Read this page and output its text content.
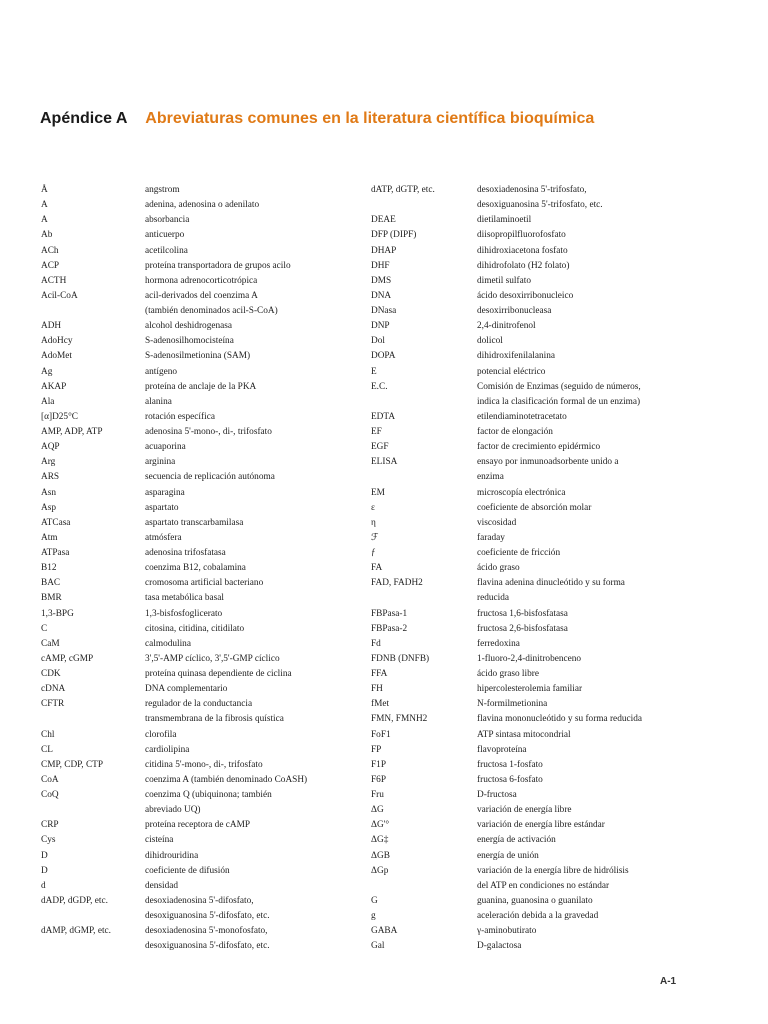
Apéndice A Abreviaturas comunes en la literatura científica bioquímica
Å	angstrom
A	adenina, adenosina o adenilato
A	absorbancia
Ab	anticuerpo
ACh	acetilcolina
ACP	proteína transportadora de grupos acilo
ACTH	hormona adrenocorticotrópica
Acil-CoA	acil-derivados del coenzima A
(también denominados acil-S-CoA)
ADH	alcohol deshidrogenasa
AdoHcy	S-adenosilhomocisteína
AdoMet	S-adenosilmetionina (SAM)
Ag	antígeno
AKAP	proteína de anclaje de la PKA
Ala	alanina
[α]D25°C	rotación específica
AMP, ADP, ATP	adenosina 5'-mono-, di-, trifosfato
AQP	acuaporina
Arg	arginina
ARS	secuencia de replicación autónoma
Asn	asparagina
Asp	aspartato
ATCasa	aspartato transcarbamilasa
Atm	atmósfera
ATPasa	adenosina trifosfatasa
B12	coenzima B12, cobalamina
BAC	cromosoma artificial bacteriano
BMR	tasa metabólica basal
1,3-BPG	1,3-bisfosfoglicerato
C	citosina, citidina, citidilato
CaM	calmodulina
cAMP, cGMP	3',5'-AMP cíclico, 3',5'-GMP cíclico
CDK	proteína quinasa dependiente de ciclina
cDNA	DNA complementario
CFTR	regulador de la conductancia
transmembrana de la fibrosis quística
Chl	clorofila
CL	cardiolipina
CMP, CDP, CTP	citidina 5'-mono-, di-, trifosfato
CoA	coenzima A (también denominado CoASH)
CoQ	coenzima Q (ubiquinona; también
abreviado UQ)
CRP	proteína receptora de cAMP
Cys	cisteína
D	dihidrouridina
D	coeficiente de difusión
d	densidad
dADP, dGDP, etc.	desoxiadenosina 5'-difosfato,
desoxiguanosina 5'-difosfato, etc.
dAMP, dGMP, etc.	desoxiadenosina 5'-monofosfato,
desoxiguanosina 5'-difosfato, etc.
dATP, dGTP, etc.	desoxiadenosina 5'-trifosfato,
desoxiguanosina 5'-trifosfato, etc.
DEAE	dietilaminoetil
DFP (DIPF)	diisopropilfluorofosfato
DHAP	dihidroxiacetona fosfato
DHF	dihidrofolato (H2 folato)
DMS	dimetil sulfato
DNA	ácido desoxirribonucleico
DNasa	desoxirribonucleasa
DNP	2,4-dinitrofenol
Dol	dolicol
DOPA	dihidroxifenilalanina
E	potencial eléctrico
E.C.	Comisión de Enzimas (seguido de números,
indica la clasificación formal de un enzima)
EDTA	etilendiaminotetracetato
EF	factor de elongación
EGF	factor de crecimiento epidérmico
ELISA	ensayo por inmunoadsorbente unido a
enzima
EM	microscopía electrónica
ε	coeficiente de absorción molar
η	viscosidad
ℱ	faraday
ƒ	coeficiente de fricción
FA	ácido graso
FAD, FADH2	flavina adenina dinucleótido y su forma
reducida
FBPasa-1	fructosa 1,6-bisfosfatasa
FBPasa-2	fructosa 2,6-bisfosfatasa
Fd	ferredoxina
FDNB (DNFB)	1-fluoro-2,4-dinitrobenceno
FFA	ácido graso libre
FH	hipercolesterolemia familiar
fMet	N-formilmetionina
FMN, FMNH2	flavina mononucleótido y su forma reducida
FoF1	ATP sintasa mitocondrial
FP	flavoproteína
F1P	fructosa 1-fosfato
F6P	fructosa 6-fosfato
Fru	D-fructosa
ΔG	variación de energía libre
ΔG'°	variación de energía libre estándar
ΔG‡	energía de activación
ΔGB	energía de unión
ΔGp	variación de la energía libre de hidrólisis
del ATP en condiciones no estándar
G	guanina, guanosina o guanilato
g	aceleración debida a la gravedad
GABA	γ-aminobutirato
Gal	D-galactosa
A-1
